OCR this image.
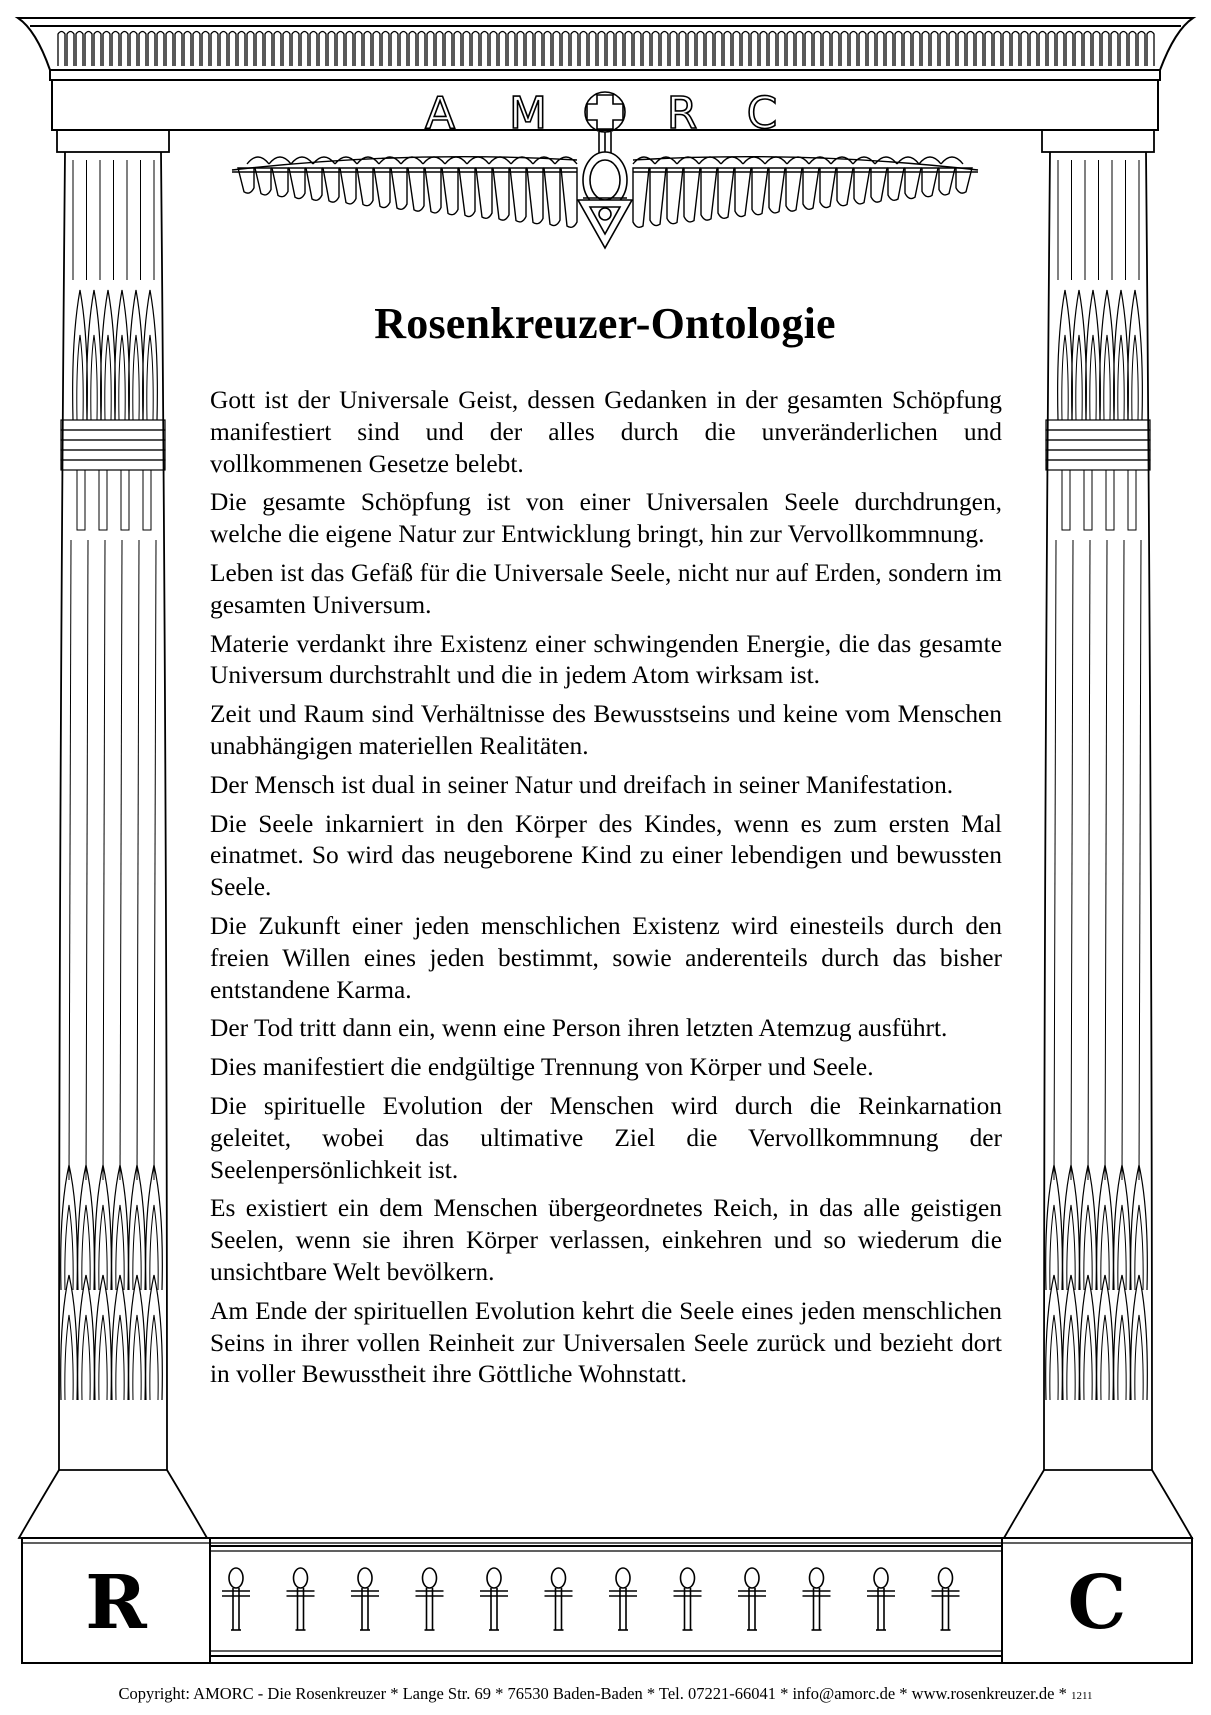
A M	R C
R	C
Rosenkreuzer-Ontologie

Gott ist der Universale Geist, dessen Gedanken in der gesamten Schöpfung manifestiert sind und der alles durch die unveränderlichen und vollkommenen Gesetze belebt.

Die gesamte Schöpfung ist von einer Universalen Seele durchdrungen, welche die eigene Natur zur Entwicklung bringt, hin zur Vervollkommnung.

Leben ist das Gefäß für die Universale Seele, nicht nur auf Erden, sondern im gesamten Universum.

Materie verdankt ihre Existenz einer schwingenden Energie, die das gesamte Universum durchstrahlt und die in jedem Atom wirksam ist.

Zeit und Raum sind Verhältnisse des Bewusstseins und keine vom Menschen unabhängigen materiellen Realitäten.

Der Mensch ist dual in seiner Natur und dreifach in seiner Manifestation.

Die Seele inkarniert in den Körper des Kindes, wenn es zum ersten Mal einatmet. So wird das neugeborene Kind zu einer lebendigen und bewussten Seele.

Die Zukunft einer jeden menschlichen Existenz wird einesteils durch den freien Willen eines jeden bestimmt, sowie anderenteils durch das bisher entstandene Karma.

Der Tod tritt dann ein, wenn eine Person ihren letzten Atemzug ausführt.

Dies manifestiert die endgültige Trennung von Körper und Seele.

Die spirituelle Evolution der Menschen wird durch die Reinkarnation geleitet, wobei das ultimative Ziel die Vervollkommnung der Seelenpersönlichkeit ist.

Es existiert ein dem Menschen übergeordnetes Reich, in das alle geistigen Seelen, wenn sie ihren Körper verlassen, einkehren und so wiederum die unsichtbare Welt bevölkern.

Am Ende der spirituellen Evolution kehrt die Seele eines jeden menschlichen Seins in ihrer vollen Reinheit zur Universalen Seele zurück und bezieht dort in voller Bewusstheit ihre Göttliche Wohnstatt.

Copyright: AMORC - Die Rosenkreuzer * Lange Str. 69 * 76530 Baden-Baden * Tel. 07221-66041 * info@amorc.de * www.rosenkreuzer.de * 1211
